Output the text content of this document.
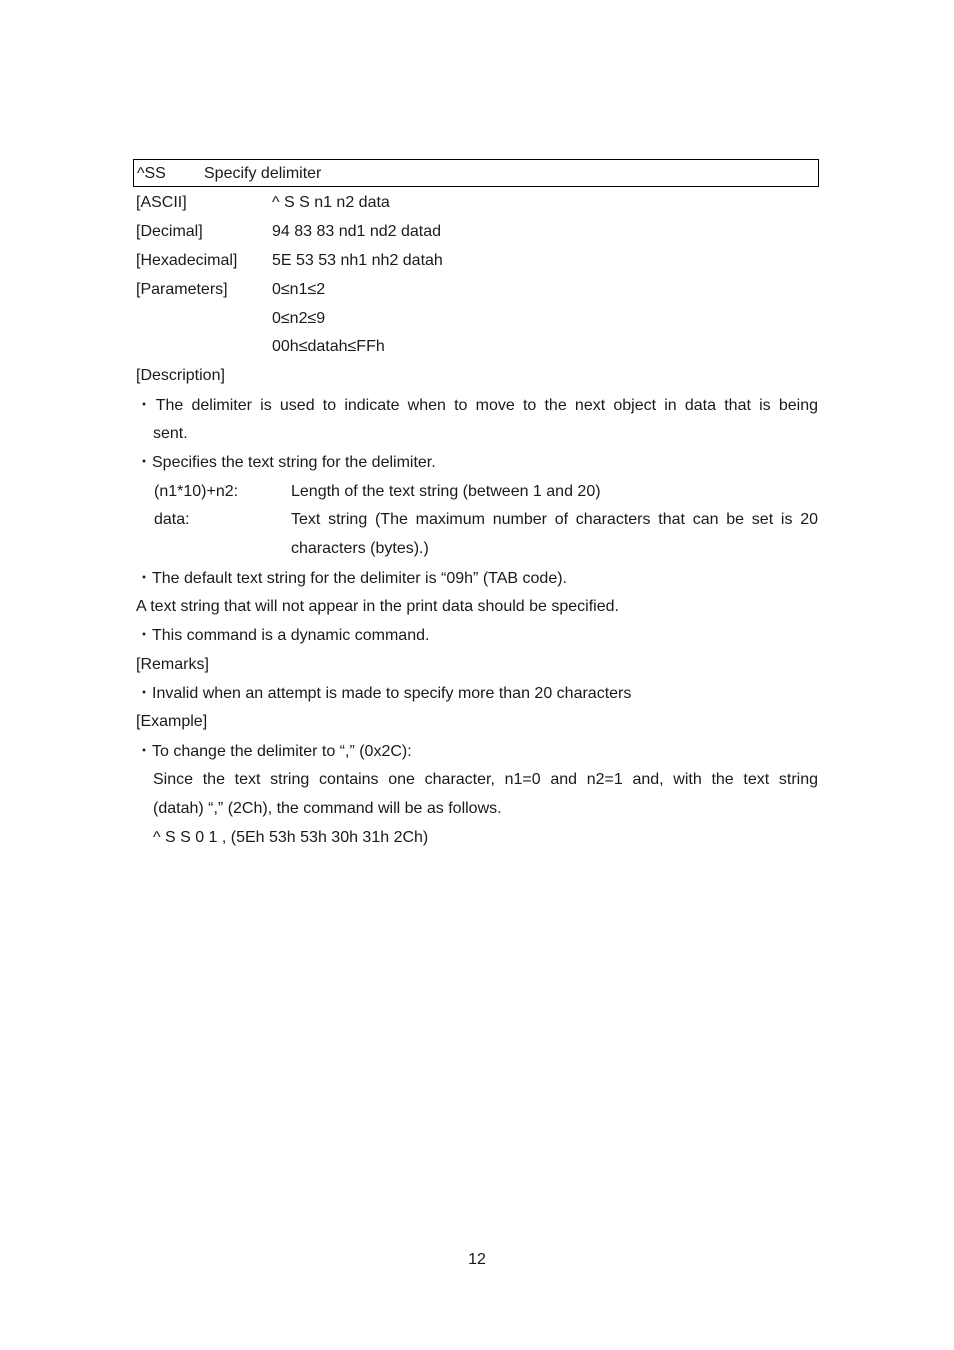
^SS Specify delimiter
[ASCII]	^ S S n1 n2 data
[Decimal]	94 83 83 nd1 nd2 datad
[Hexadecimal] 5E 53 53 nh1 nh2 datah
[Parameters]	0≤n1≤2
0≤n2≤9
00h≤datah≤FFh
[Description]
・The delimiter is used to indicate when to move to the next object in data that is being
sent.
・Specifies the text string for the delimiter.
(n1*10)+n2:	Length of the text string (between 1 and 20)
data:	Text string (The maximum number of characters that can be set is 20
characters (bytes).)
・The default text string for the delimiter is “09h” (TAB code).
A text string that will not appear in the print data should be specified.
・This command is a dynamic command.
[Remarks]
・Invalid when an attempt is made to specify more than 20 characters
[Example]
・To change the delimiter to “,” (0x2C):
Since the text string contains one character, n1=0 and n2=1 and, with the text string
(datah) “,” (2Ch), the command will be as follows.
^ S S 0 1 , (5Eh 53h 53h 30h 31h 2Ch)
12
